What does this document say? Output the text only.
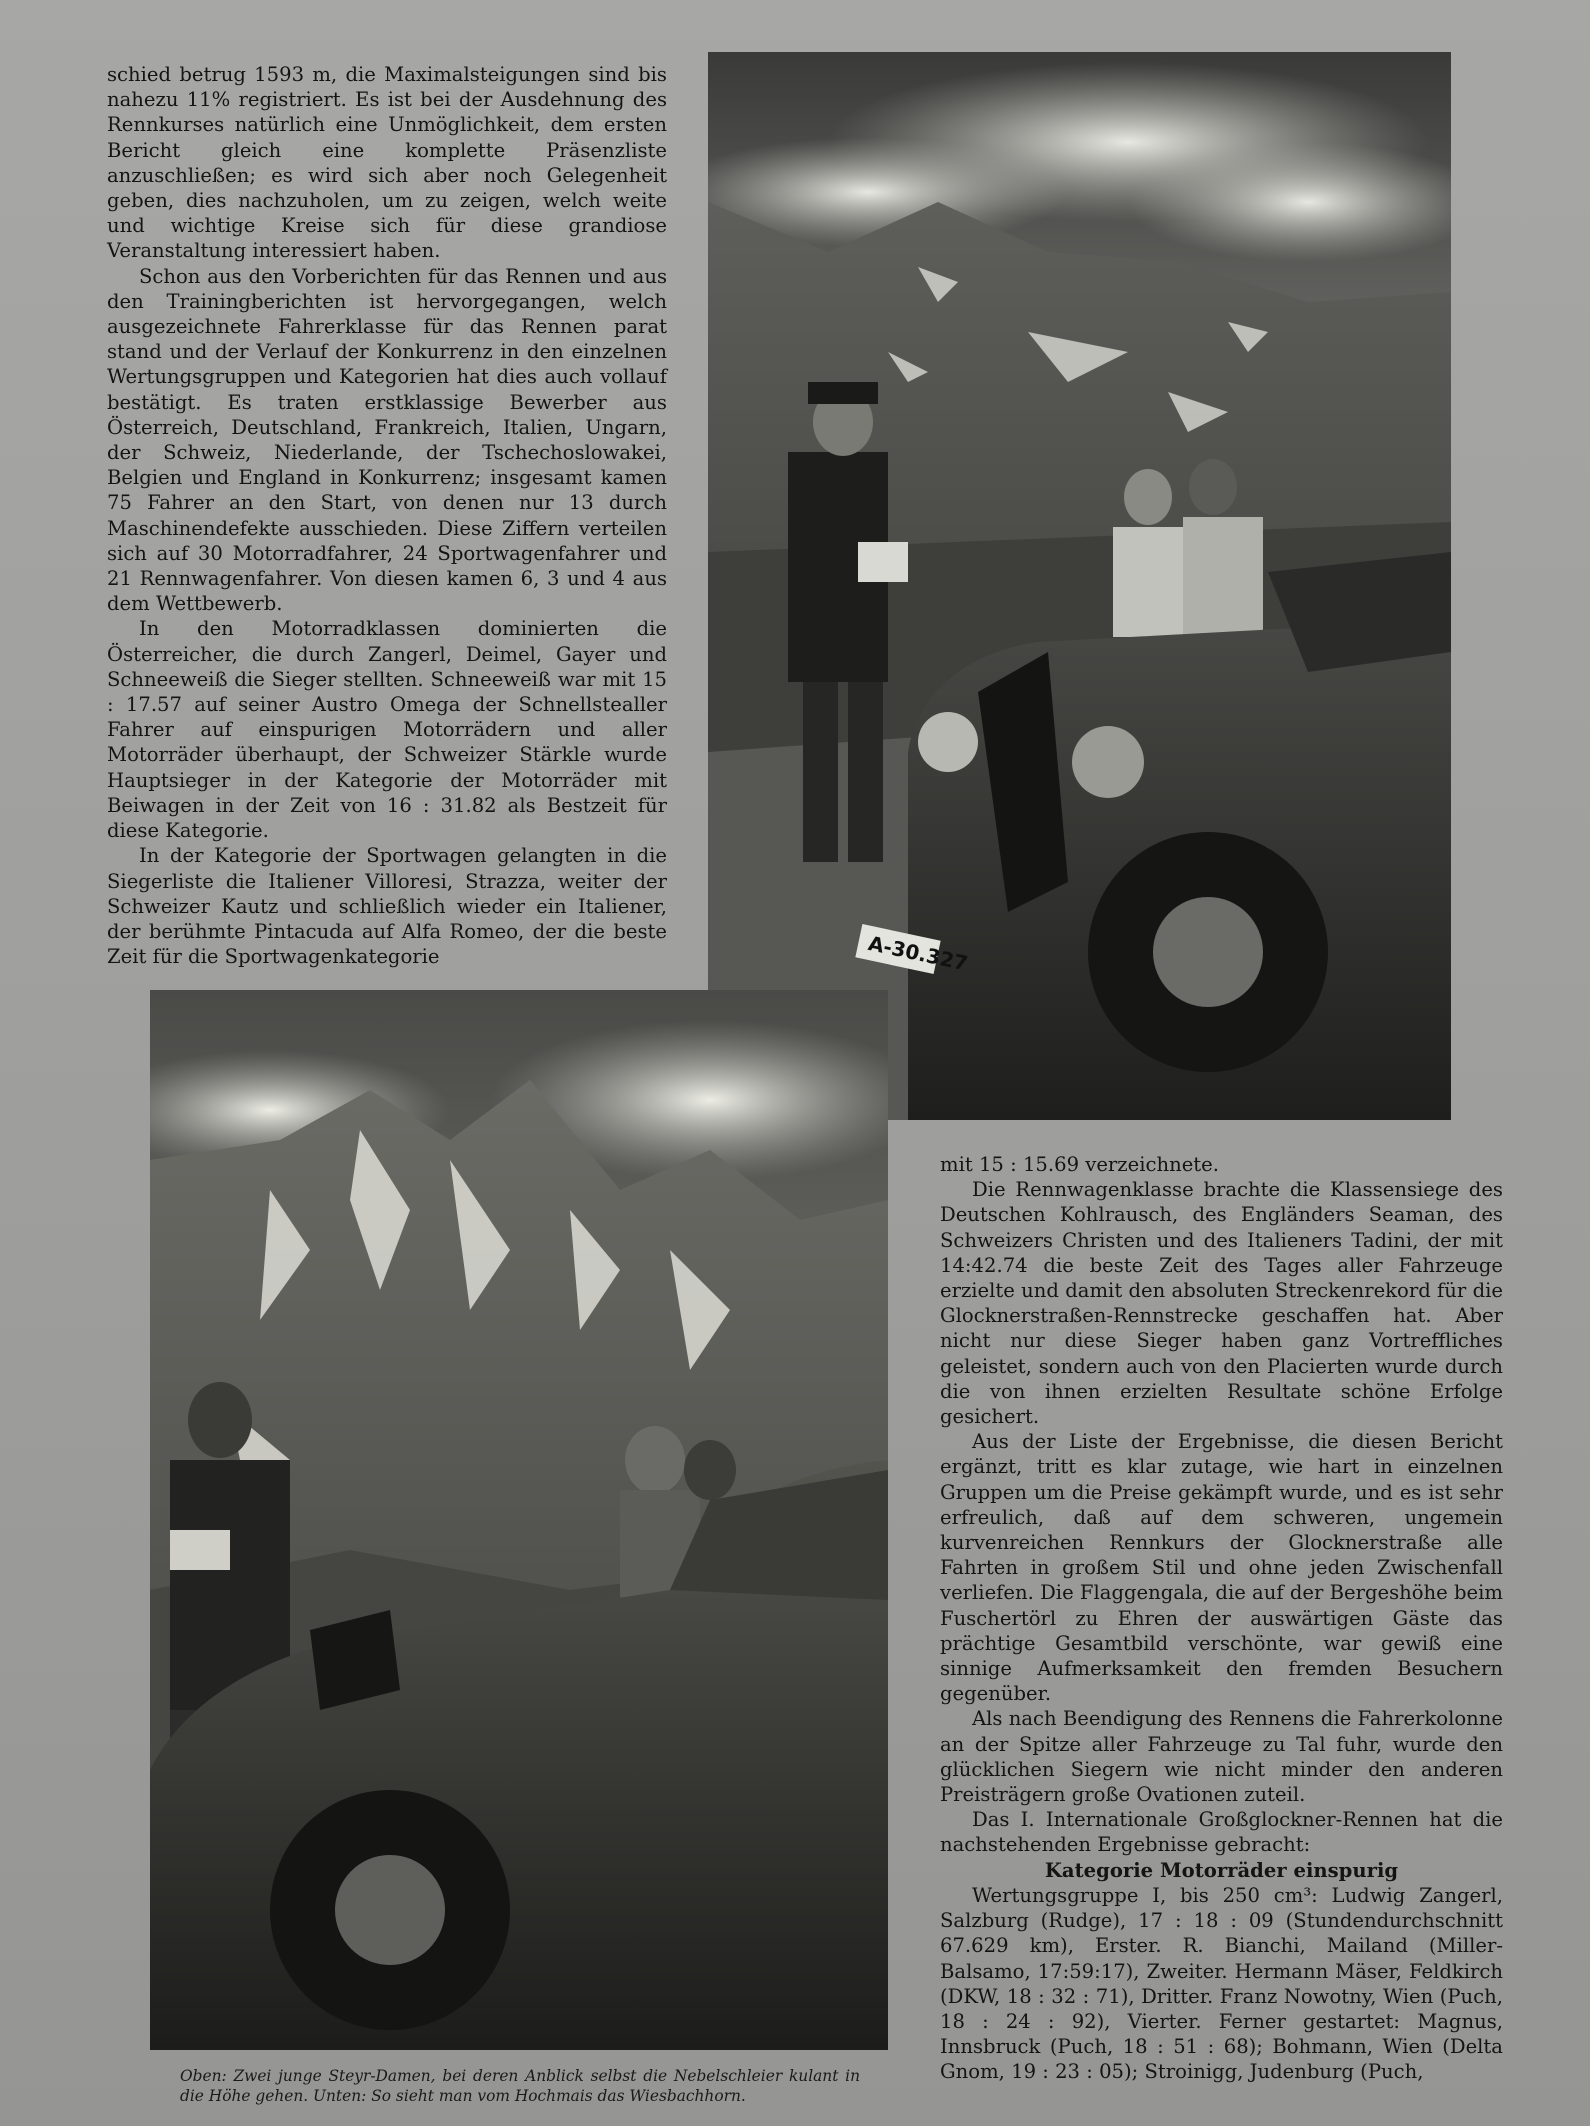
schied betrug 1593 m, die Maximalsteigungen sind bis nahezu 11% registriert. Es ist bei der Ausdehnung des Rennkurses natürlich eine Unmöglichkeit, dem ersten Bericht gleich eine komplette Präsenzliste anzuschließen; es wird sich aber noch Gelegenheit geben, dies nachzuholen, um zu zeigen, welch weite und wichtige Kreise sich für diese grandiose Veranstaltung interessiert haben.

Schon aus den Vorberichten für das Rennen und aus den Trainingberichten ist hervorgegangen, welch ausgezeichnete Fahrerklasse für das Rennen parat stand und der Verlauf der Konkurrenz in den einzelnen Wertungsgruppen und Kategorien hat dies auch vollauf bestätigt. Es traten erstklassige Bewerber aus Österreich, Deutschland, Frankreich, Italien, Ungarn, der Schweiz, Niederlande, der Tschechoslowakei, Belgien und England in Konkurrenz; insgesamt kamen 75 Fahrer an den Start, von denen nur 13 durch Maschinendefekte ausschieden. Diese Ziffern verteilen sich auf 30 Motorradfahrer, 24 Sportwagenfahrer und 21 Rennwagenfahrer. Von diesen kamen 6, 3 und 4 aus dem Wettbewerb.

In den Motorradklassen dominierten die Österreicher, die durch Zangerl, Deimel, Gayer und Schneeweiß die Sieger stellten. Schneeweiß war mit 15 : 17.57 auf seiner Austro Omega der Schnellstealler Fahrer auf einspurigen Motorrädern und aller Motorräder überhaupt, der Schweizer Stärkle wurde Hauptsieger in der Kategorie der Motorräder mit Beiwagen in der Zeit von 16 : 31.82 als Bestzeit für diese Kategorie.

In der Kategorie der Sportwagen gelangten in die Siegerliste die Italiener Villoresi, Strazza, weiter der Schweizer Kautz und schließlich wieder ein Italiener, der berühmte Pintacuda auf Alfa Romeo, der die beste Zeit für die Sportwagenkategorie	A-30.327

mit 15 : 15.69 verzeichnete.

Die Rennwagenklasse brachte die Klassensiege des Deutschen Kohlrausch, des Engländers Seaman, des Schweizers Christen und des Italieners Tadini, der mit 14:42.74 die beste Zeit des Tages aller Fahrzeuge erzielte und damit den absoluten Streckenrekord für die Glocknerstraßen-Rennstrecke geschaffen hat. Aber nicht nur diese Sieger haben ganz Vortreffliches geleistet, sondern auch von den Placierten wurde durch die von ihnen erzielten Resultate schöne Erfolge gesichert.

Aus der Liste der Ergebnisse, die diesen Bericht ergänzt, tritt es klar zutage, wie hart in einzelnen Gruppen um die Preise gekämpft wurde, und es ist sehr erfreulich, daß auf dem schweren, ungemein kurvenreichen Rennkurs der Glocknerstraße alle Fahrten in großem Stil und ohne jeden Zwischenfall verliefen. Die Flaggengala, die auf der Bergeshöhe beim Fuschertörl zu Ehren der auswärtigen Gäste das prächtige Gesamtbild verschönte, war gewiß eine sinnige Aufmerksamkeit den fremden Besuchern gegenüber.

Als nach Beendigung des Rennens die Fahrerkolonne an der Spitze aller Fahrzeuge zu Tal fuhr, wurde den glücklichen Siegern wie nicht minder den anderen Preisträgern große Ovationen zuteil.

Das I. Internationale Großglockner-Rennen hat die nachstehenden Ergebnisse gebracht:

Kategorie Motorräder einspurig

Wertungsgruppe I, bis 250 cm³: Ludwig Zangerl, Salzburg (Rudge), 17 : 18 : 09 (Stundendurchschnitt 67.629 km), Erster. R. Bianchi, Mailand (Miller-Balsamo, 17:59:17), Zweiter. Hermann Mäser, Feldkirch (DKW, 18 : 32 : 71), Dritter. Franz Nowotny, Wien (Puch, 18 : 24 : 92), Vierter. Ferner gestartet: Magnus, Innsbruck (Puch, 18 : 51 : 68); Bohmann, Wien (Delta Gnom, 19 : 23 : 05); Stroinigg, Judenburg (Puch,

Oben: Zwei junge Steyr-Damen, bei deren Anblick selbst die Nebelschleier kulant in die Höhe gehen. Unten: So sieht man vom Hochmais das Wiesbachhorn.
